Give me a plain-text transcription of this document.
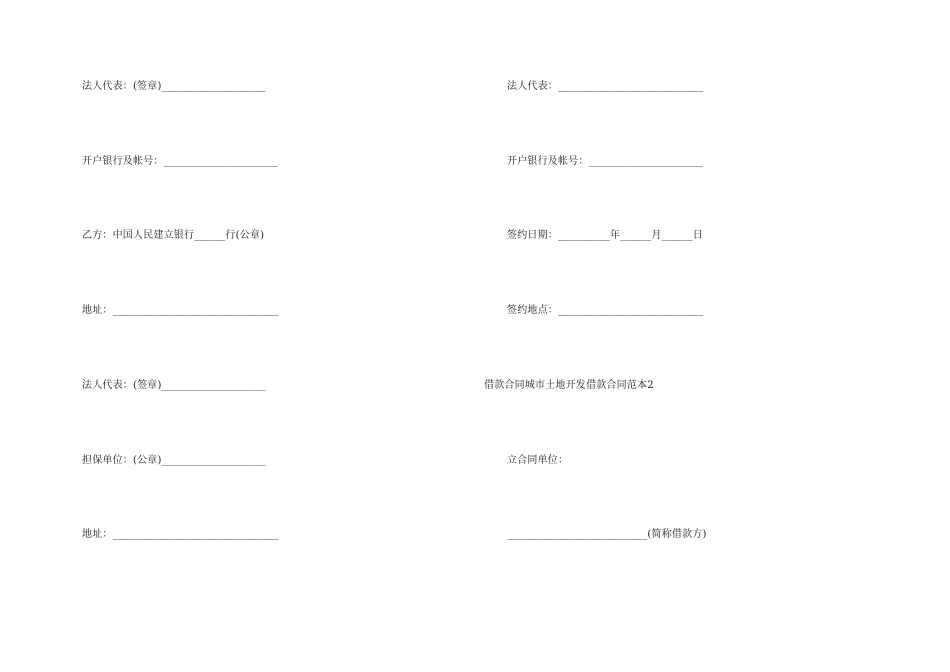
法人代表：(签章)____________________
开户银行及帐号：______________________
乙方：中国人民建立银行______行(公章)
地址：________________________________
法人代表：(签章)____________________
担保单位：(公章)____________________
地址：________________________________
法人代表：____________________________
开户银行及帐号：______________________
签约日期：__________年______月______日
签约地点：____________________________
借款合同城市土地开发借款合同范本2
立合同单位：
___________________________(简称借款方)
